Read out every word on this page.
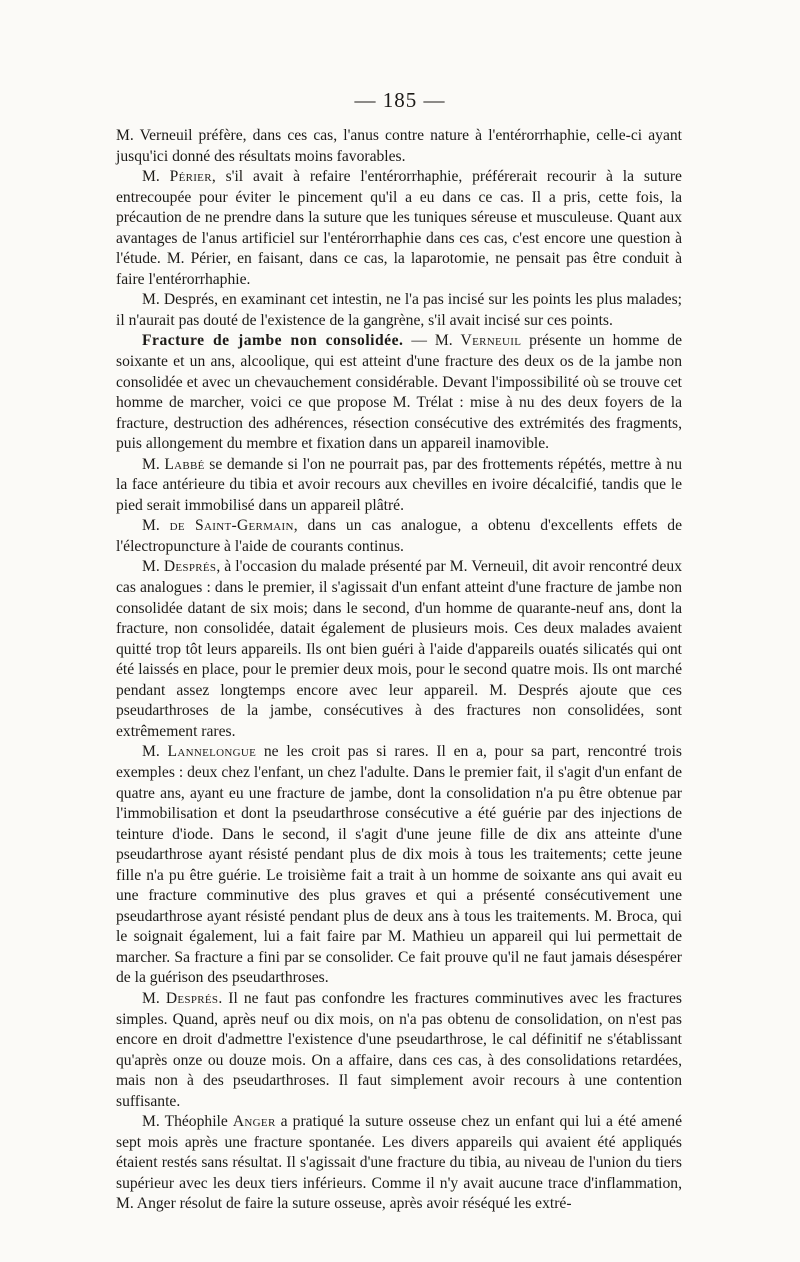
— 185 —

M. Verneuil préfère, dans ces cas, l'anus contre nature à l'entérorrhaphie, celle-ci ayant jusqu'ici donné des résultats moins favorables.

M. Périer, s'il avait à refaire l'entérorrhaphie, préférerait recourir à la suture entrecoupée pour éviter le pincement qu'il a eu dans ce cas. Il a pris, cette fois, la précaution de ne prendre dans la suture que les tuniques séreuse et musculeuse. Quant aux avantages de l'anus artificiel sur l'entérorrhaphie dans ces cas, c'est encore une question à l'étude. M. Périer, en faisant, dans ce cas, la laparotomie, ne pensait pas être conduit à faire l'entérorrhaphie.

M. Després, en examinant cet intestin, ne l'a pas incisé sur les points les plus malades; il n'aurait pas douté de l'existence de la gangrène, s'il avait incisé sur ces points.

Fracture de jambe non consolidée. — M. Verneuil présente un homme de soixante et un ans, alcoolique, qui est atteint d'une fracture des deux os de la jambe non consolidée et avec un chevauchement considérable. Devant l'impossibilité où se trouve cet homme de marcher, voici ce que propose M. Trélat : mise à nu des deux foyers de la fracture, destruction des adhérences, résection consécutive des extrémités des fragments, puis allongement du membre et fixation dans un appareil inamovible.

M. Labbé se demande si l'on ne pourrait pas, par des frottements répétés, mettre à nu la face antérieure du tibia et avoir recours aux chevilles en ivoire décalcifié, tandis que le pied serait immobilisé dans un appareil plâtré.

M. de Saint-Germain, dans un cas analogue, a obtenu d'excellents effets de l'électropuncture à l'aide de courants continus.

M. Després, à l'occasion du malade présenté par M. Verneuil, dit avoir rencontré deux cas analogues : dans le premier, il s'agissait d'un enfant atteint d'une fracture de jambe non consolidée datant de six mois; dans le second, d'un homme de quarante-neuf ans, dont la fracture, non consolidée, datait également de plusieurs mois. Ces deux malades avaient quitté trop tôt leurs appareils. Ils ont bien guéri à l'aide d'appareils ouatés silicatés qui ont été laissés en place, pour le premier deux mois, pour le second quatre mois. Ils ont marché pendant assez longtemps encore avec leur appareil. M. Després ajoute que ces pseudarthroses de la jambe, consécutives à des fractures non consolidées, sont extrêmement rares.

M. Lannelongue ne les croit pas si rares. Il en a, pour sa part, rencontré trois exemples : deux chez l'enfant, un chez l'adulte. Dans le premier fait, il s'agit d'un enfant de quatre ans, ayant eu une fracture de jambe, dont la consolidation n'a pu être obtenue par l'immobilisation et dont la pseudarthrose consécutive a été guérie par des injections de teinture d'iode. Dans le second, il s'agit d'une jeune fille de dix ans atteinte d'une pseudarthrose ayant résisté pendant plus de dix mois à tous les traitements; cette jeune fille n'a pu être guérie. Le troisième fait a trait à un homme de soixante ans qui avait eu une fracture comminutive des plus graves et qui a présenté consécutivement une pseudarthrose ayant résisté pendant plus de deux ans à tous les traitements. M. Broca, qui le soignait également, lui a fait faire par M. Mathieu un appareil qui lui permettait de marcher. Sa fracture a fini par se consolider. Ce fait prouve qu'il ne faut jamais désespérer de la guérison des pseudarthroses.

M. Després. Il ne faut pas confondre les fractures comminutives avec les fractures simples. Quand, après neuf ou dix mois, on n'a pas obtenu de consolidation, on n'est pas encore en droit d'admettre l'existence d'une pseudarthrose, le cal définitif ne s'établissant qu'après onze ou douze mois. On a affaire, dans ces cas, à des consolidations retardées, mais non à des pseudarthroses. Il faut simplement avoir recours à une contention suffisante.

M. Théophile Anger a pratiqué la suture osseuse chez un enfant qui lui a été amené sept mois après une fracture spontanée. Les divers appareils qui avaient été appliqués étaient restés sans résultat. Il s'agissait d'une fracture du tibia, au niveau de l'union du tiers supérieur avec les deux tiers inférieurs. Comme il n'y avait aucune trace d'inflammation, M. Anger résolut de faire la suture osseuse, après avoir réséqué les extré-
